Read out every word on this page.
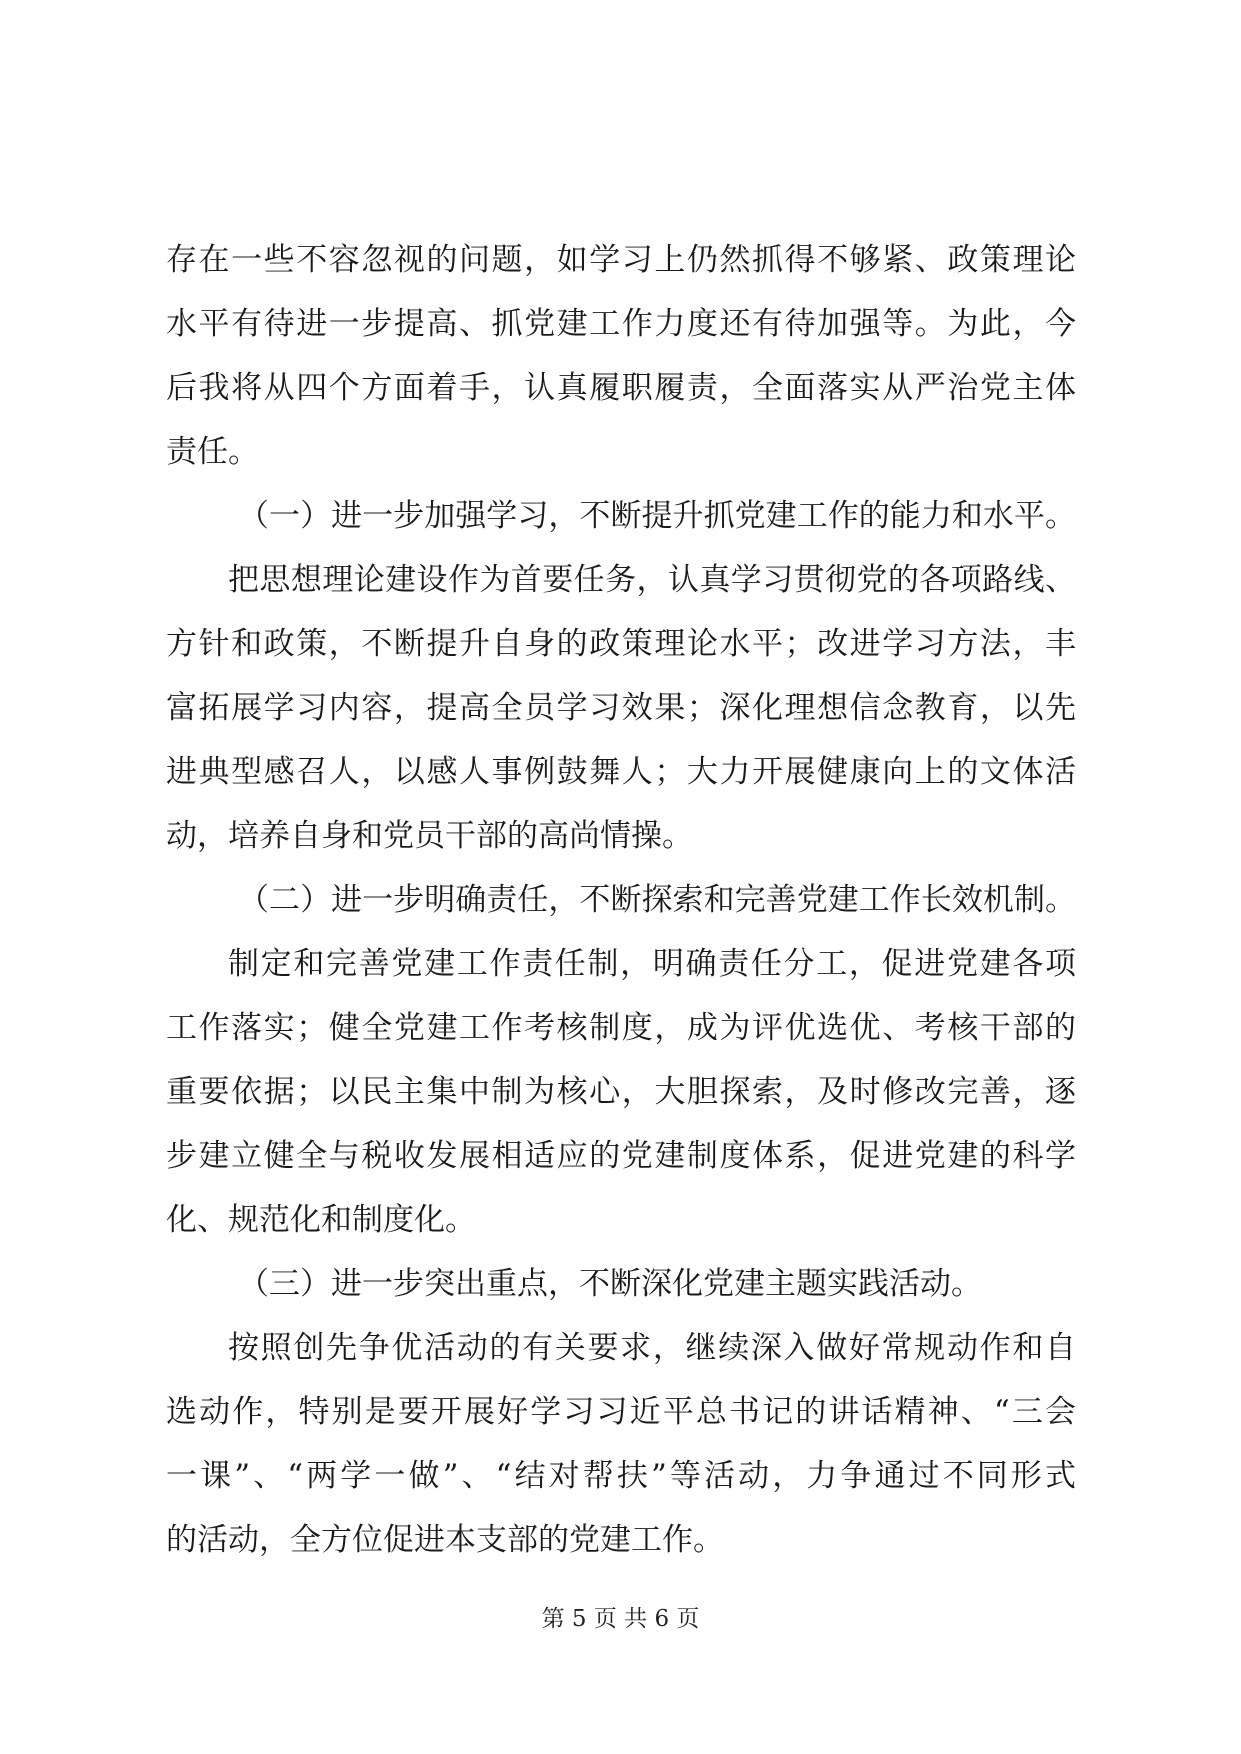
存在一些不容忽视的问题，如学习上仍然抓得不够紧、政策理论
水平有待进一步提高、抓党建工作力度还有待加强等。为此，今
后我将从四个方面着手，认真履职履责，全面落实从严治党主体
责任。
（一）进一步加强学习，不断提升抓党建工作的能力和水平。
把思想理论建设作为首要任务，认真学习贯彻党的各项路线、
方针和政策，不断提升自身的政策理论水平；改进学习方法，丰
富拓展学习内容，提高全员学习效果；深化理想信念教育，以先
进典型感召人，以感人事例鼓舞人；大力开展健康向上的文体活
动，培养自身和党员干部的高尚情操。
（二）进一步明确责任，不断探索和完善党建工作长效机制。
制定和完善党建工作责任制，明确责任分工，促进党建各项
工作落实；健全党建工作考核制度，成为评优选优、考核干部的
重要依据；以民主集中制为核心，大胆探索，及时修改完善，逐
步建立健全与税收发展相适应的党建制度体系，促进党建的科学
化、规范化和制度化。
（三）进一步突出重点，不断深化党建主题实践活动。
按照创先争优活动的有关要求，继续深入做好常规动作和自
选动作，特别是要开展好学习习近平总书记的讲话精神、“三会
一课”、“两学一做”、“结对帮扶”等活动，力争通过不同形式
的活动，全方位促进本支部的党建工作。
第 5 页 共 6 页
